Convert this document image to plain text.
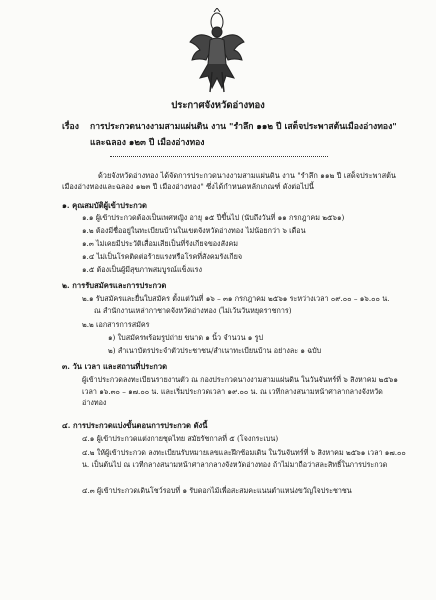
ประกาศจังหวัดอ่างทอง
เรื่อง การประกวดนางงามสามแผ่นดิน งาน "รำลึก ๑๑๒ ปี เสด็จประพาสต้นเมืองอ่างทอง"
และฉลอง ๑๒๓ ปี เมืองอ่างทอง
ด้วยจังหวัดอ่างทอง ได้จัดการประกวดนางงามสามแผ่นดิน งาน "รำลึก ๑๑๒ ปี เสด็จประพาสต้นเมืองอ่างทองและฉลอง ๑๒๓ ปี เมืองอ่างทอง" ซึ่งได้กำหนดหลักเกณฑ์ ดังต่อไปนี้
๑. คุณสมบัติผู้เข้าประกวด
๑.๑ ผู้เข้าประกวดต้องเป็นเพศหญิง อายุ ๑๕ ปีขึ้นไป (นับถึงวันที่ ๑๑ กรกฎาคม ๒๕๖๑)
๑.๒ ต้องมีชื่ออยู่ในทะเบียนบ้านในเขตจังหวัดอ่างทอง ไม่น้อยกว่า ๖ เดือน
๑.๓ ไม่เคยมีประวัติเสื่อมเสียเป็นที่รังเกียจของสังคม
๑.๔ ไม่เป็นโรคติดต่อร้ายแรงหรือโรคที่สังคมรังเกียจ
๑.๕ ต้องเป็นผู้มีสุขภาพสมบูรณ์แข็งแรง
๒. การรับสมัครและการประกวด
๒.๑ รับสมัครและยื่นใบสมัคร ตั้งแต่วันที่ ๑๖ – ๓๑ กรกฎาคม ๒๕๖๑ ระหว่างเวลา ๐๙.๐๐ – ๑๖.๐๐ น.
ณ สำนักงานเหล่ากาชาดจังหวัดอ่างทอง (ไม่เว้นวันหยุดราชการ)
๒.๒ เอกสารการสมัคร
๑) ใบสมัครพร้อมรูปถ่าย ขนาด ๑ นิ้ว จำนวน ๑ รูป
๒) สำเนาบัตรประจำตัวประชาชน/สำเนาทะเบียนบ้าน อย่างละ ๑ ฉบับ
๓. วัน เวลา และสถานที่ประกวด
ผู้เข้าประกวดลงทะเบียนรายงานตัว ณ กองประกวดนางงามสามแผ่นดิน ในวันจันทร์ที่ ๖ สิงหาคม ๒๕๖๑ เวลา ๑๖.๓๐ – ๑๗.๐๐ น. และเริ่มประกวดเวลา ๑๙.๐๐ น. ณ เวทีกลางสนามหน้าศาลากลางจังหวัดอ่างทอง
๔. การประกวดแบ่งขั้นตอนการประกวด ดังนี้
๔.๑ ผู้เข้าประกวดแต่งกายชุดไทย สมัยรัชกาลที่ ๕ (โจงกระเบน)
๔.๒ ให้ผู้เข้าประกวด ลงทะเบียนรับหมายเลขและฝึกซ้อมเดิน ในวันจันทร์ที่ ๖ สิงหาคม ๒๕๖๑ เวลา ๑๗.๐๐ น. เป็นต้นไป ณ เวทีกลางสนามหน้าศาลากลางจังหวัดอ่างทอง ถ้าไม่มาถือว่าสละสิทธิ์ในการประกวด
๔.๓ ผู้เข้าประกวดเดินโชว์รอบที่ ๑ รับดอกไม้เพื่อสะสมคะแนนตำแหน่งขวัญใจประชาชน
